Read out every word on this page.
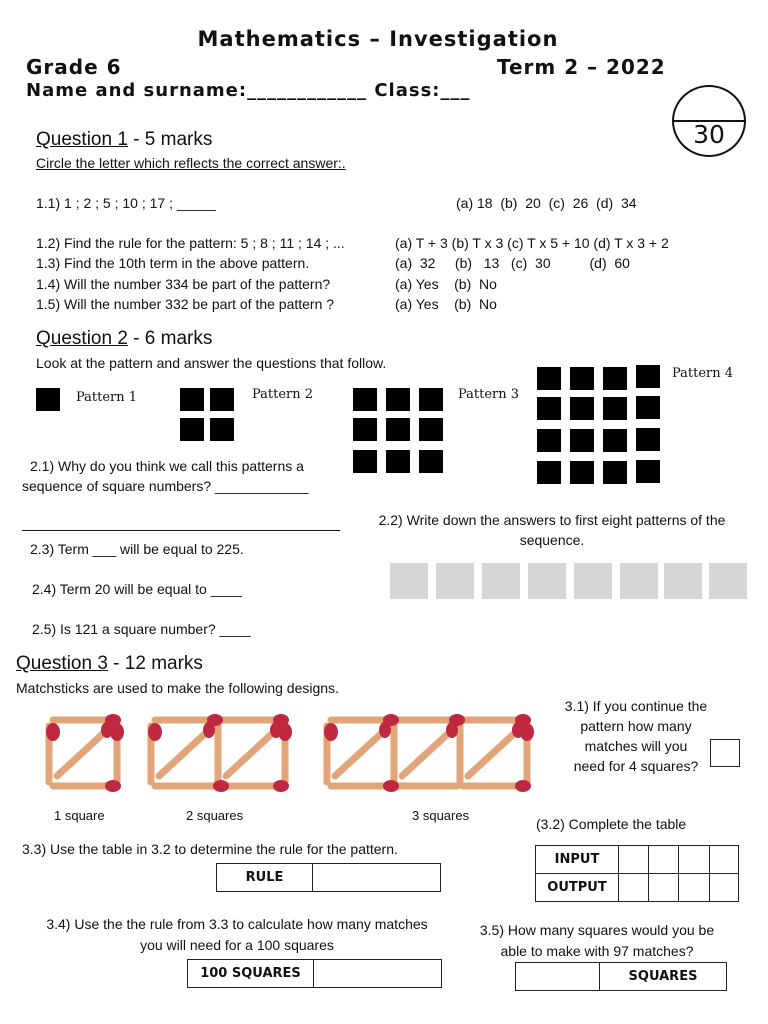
Mathematics – Investigation
Grade 6	Term 2 – 2022
Name and surname:____________ Class:___
30
Question 1 - 5 marks
Circle the letter which reflects the correct answer:.
1.1) 1 ; 2 ; 5 ; 10 ; 17 ; _____	(a) 18  (b)  20  (c)  26  (d)  34
1.2) Find the rule for the pattern: 5 ; 8 ; 11 ; 14 ; ...	(a) T + 3 (b) T x 3 (c) T x 5 + 10 (d) T x 3 + 2
1.3) Find the 10th term in the above pattern.	(a)  32     (b)   13   (c)  30          (d)  60
1.4) Will the number 334 be part of the pattern?	(a) Yes    (b)  No
1.5) Will the number 332 be part of the pattern ?	(a) Yes    (b)  No
Question 2 - 6 marks
Look at the pattern and answer the questions that follow.
Pattern 1	Pattern 2	Pattern 3
Pattern 4
2.1) Why do you think we call this patterns a
sequence of square numbers? ____________
2.2) Write down the answers to first eight patterns of the
sequence.
2.3) Term ___ will be equal to 225.
2.4) Term 20 will be equal to ____
2.5) Is 121 a square number? ____
Question 3 - 12 marks
Matchsticks are used to make the following designs.
1 square	2 squares	3 squares
3.1) If you continue the
pattern how many
matches will you
need for 4 squares?
(3.2) Complete the table
INPUT
OUTPUT
3.3) Use the table in 3.2 to determine the rule for the pattern.
RULE
3.4) Use the the rule from 3.3 to calculate how many matches
you will need for a 100 squares
100 SQUARES
3.5) How many squares would you be
able to make with 97 matches?
SQUARES
